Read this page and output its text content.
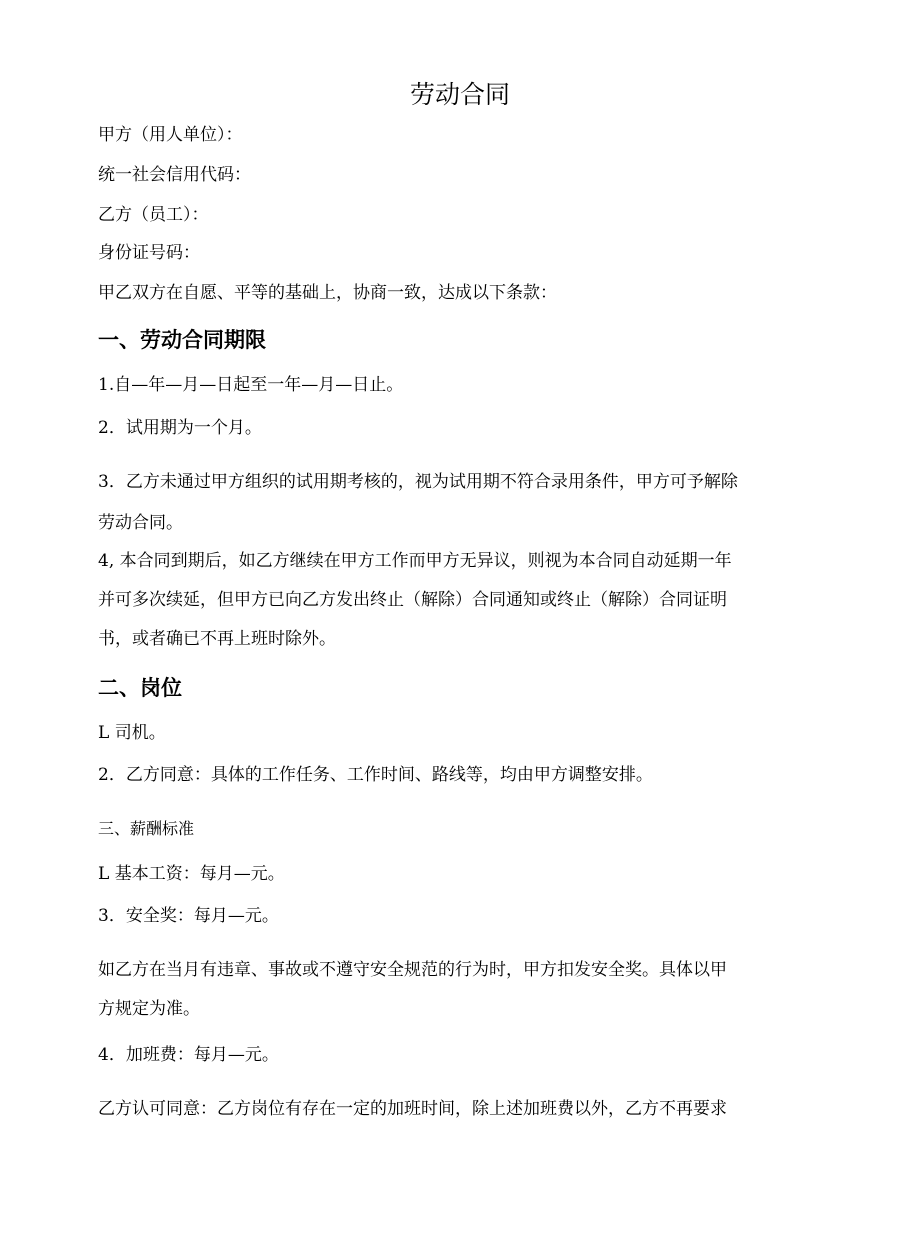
劳动合同
甲方（用人单位）：
统一社会信用代码：
乙方（员工）：
身份证号码：
甲乙双方在自愿、平等的基础上，协商一致，达成以下条款：
一、劳动合同期限
1.自—年—月—日起至一年—月—日止。
2．试用期为一个月。
3．乙方未通过甲方组织的试用期考核的，视为试用期不符合录用条件，甲方可予解除
劳动合同。
4, 本合同到期后，如乙方继续在甲方工作而甲方无异议，则视为本合同自动延期一年
并可多次续延，但甲方已向乙方发出终止（解除）合同通知或终止（解除）合同证明
书，或者确已不再上班时除外。
二、岗位
L 司机。
2．乙方同意：具体的工作任务、工作时间、路线等，均由甲方调整安排。
三、薪酬标准
L 基本工资：每月—元。
3．安全奖：每月—元。
如乙方在当月有违章、事故或不遵守安全规范的行为时，甲方扣发安全奖。具体以甲
方规定为准。
4．加班费：每月—元。
乙方认可同意：乙方岗位有存在一定的加班时间，除上述加班费以外，乙方不再要求
